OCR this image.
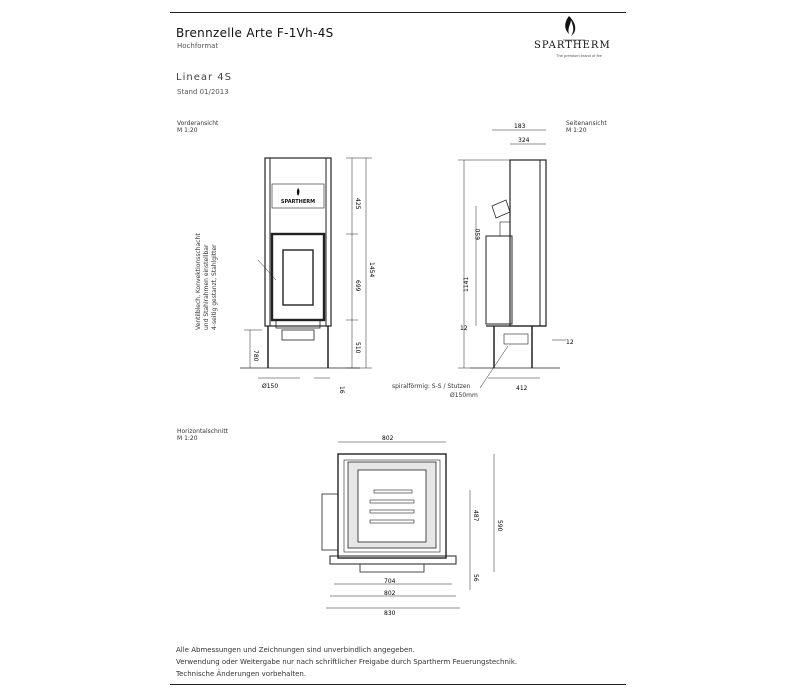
Brennzelle Arte F-1Vh-4S
Hochformat
Linear 4S
Stand 01/2013
SPARTHERM
The premium brand of fire
Vorderansicht
M 1:20
Seitenansicht
M 1:20
Horizontalschnitt
M 1:20
SPARTHERM	425
699
1454
510
780
Ø150	16
Ventilblech, Konvektionsschacht und Stahlrahmen einstellbar 4-seitig gestanzt, Stahlgitter
183
324
650
1141
12
12
412
spiralförmig: S-S / Stutzen
Ø150mm
802
590
487
56
704
802
830
Alle Abmessungen und Zeichnungen sind unverbindlich angegeben.
Verwendung oder Weitergabe nur nach schriftlicher Freigabe durch Spartherm Feuerungstechnik.
Technische Änderungen vorbehalten.
